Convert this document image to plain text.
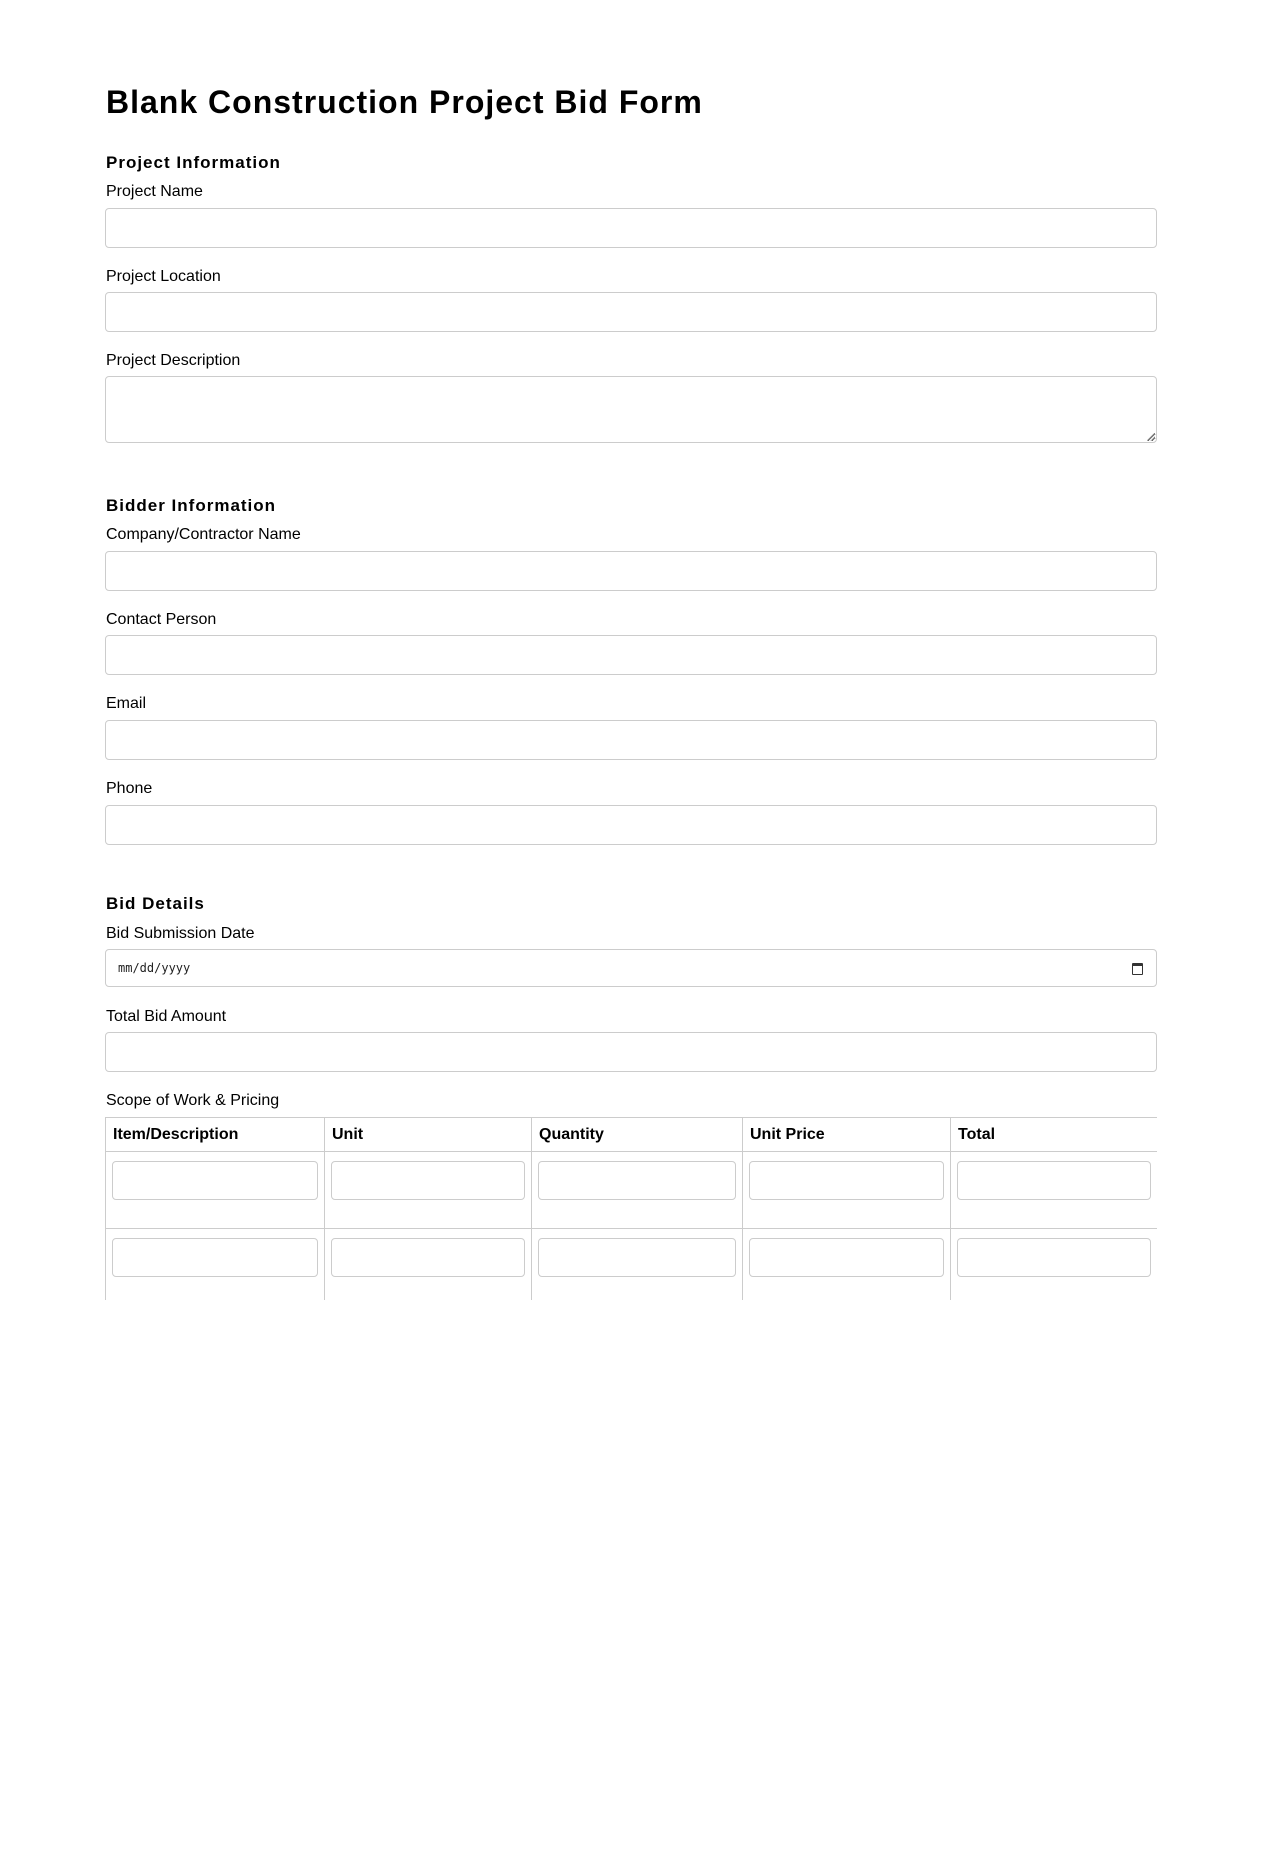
Blank Construction Project Bid Form
Project Information
Project Name
Project Location
Project Description
Bidder Information
Company/Contractor Name
Contact Person
Email
Phone
Bid Details
Bid Submission Date
mm/dd/yyyy
Total Bid Amount
Scope of Work & Pricing
Item/Description	Unit	Quantity	Unit Price	Total
